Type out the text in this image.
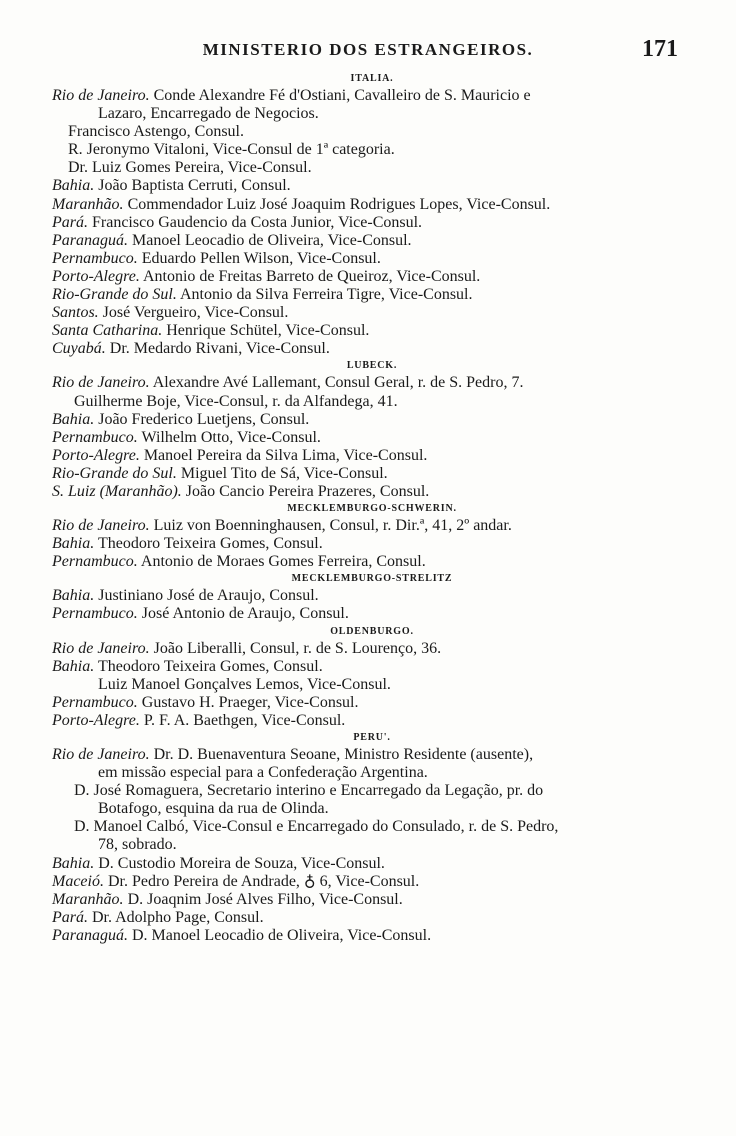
MINISTERIO DOS ESTRANGEIROS.	171
ITALIA.
Rio de Janeiro. Conde Alexandre Fé d'Ostiani, Cavalleiro de S. Mauricio e
Lazaro, Encarregado de Negocios.
Francisco Astengo, Consul.
R. Jeronymo Vitaloni, Vice-Consul de 1ª categoria.
Dr. Luiz Gomes Pereira, Vice-Consul.
Bahia. João Baptista Cerruti, Consul.
Maranhão. Commendador Luiz José Joaquim Rodrigues Lopes, Vice-Consul.
Pará. Francisco Gaudencio da Costa Junior, Vice-Consul.
Paranaguá. Manoel Leocadio de Oliveira, Vice-Consul.
Pernambuco. Eduardo Pellen Wilson, Vice-Consul.
Porto-Alegre. Antonio de Freitas Barreto de Queiroz, Vice-Consul.
Rio-Grande do Sul. Antonio da Silva Ferreira Tigre, Vice-Consul.
Santos. José Vergueiro, Vice-Consul.
Santa Catharina. Henrique Schütel, Vice-Consul.
Cuyabá. Dr. Medardo Rivani, Vice-Consul.
LUBECK.
Rio de Janeiro. Alexandre Avé Lallemant, Consul Geral, r. de S. Pedro, 7.
Guilherme Boje, Vice-Consul, r. da Alfandega, 41.
Bahia. João Frederico Luetjens, Consul.
Pernambuco. Wilhelm Otto, Vice-Consul.
Porto-Alegre. Manoel Pereira da Silva Lima, Vice-Consul.
Rio-Grande do Sul. Miguel Tito de Sá, Vice-Consul.
S. Luiz (Maranhão). João Cancio Pereira Prazeres, Consul.
MECKLEMBURGO-SCHWERIN.
Rio de Janeiro. Luiz von Boenninghausen, Consul, r. Dir.ª, 41, 2º andar.
Bahia. Theodoro Teixeira Gomes, Consul.
Pernambuco. Antonio de Moraes Gomes Ferreira, Consul.
MECKLEMBURGO-STRELITZ
Bahia. Justiniano José de Araujo, Consul.
Pernambuco. José Antonio de Araujo, Consul.
OLDENBURGO.
Rio de Janeiro. João Liberalli, Consul, r. de S. Lourenço, 36.
Bahia. Theodoro Teixeira Gomes, Consul.
Luiz Manoel Gonçalves Lemos, Vice-Consul.
Pernambuco. Gustavo H. Praeger, Vice-Consul.
Porto-Alegre. P. F. A. Baethgen, Vice-Consul.
PERU'.
Rio de Janeiro. Dr. D. Buenaventura Seoane, Ministro Residente (ausente),
em missão especial para a Confederação Argentina.
D. José Romaguera, Secretario interino e Encarregado da Legação, pr. do
Botafogo, esquina da rua de Olinda.
D. Manoel Calbó, Vice-Consul e Encarregado do Consulado, r. de S. Pedro,
78, sobrado.
Bahia. D. Custodio Moreira de Souza, Vice-Consul.
Maceió. Dr. Pedro Pereira de Andrade, ♁ 6, Vice-Consul.
Maranhão. D. Joaqnim José Alves Filho, Vice-Consul.
Pará. Dr. Adolpho Page, Consul.
Paranaguá. D. Manoel Leocadio de Oliveira, Vice-Consul.
